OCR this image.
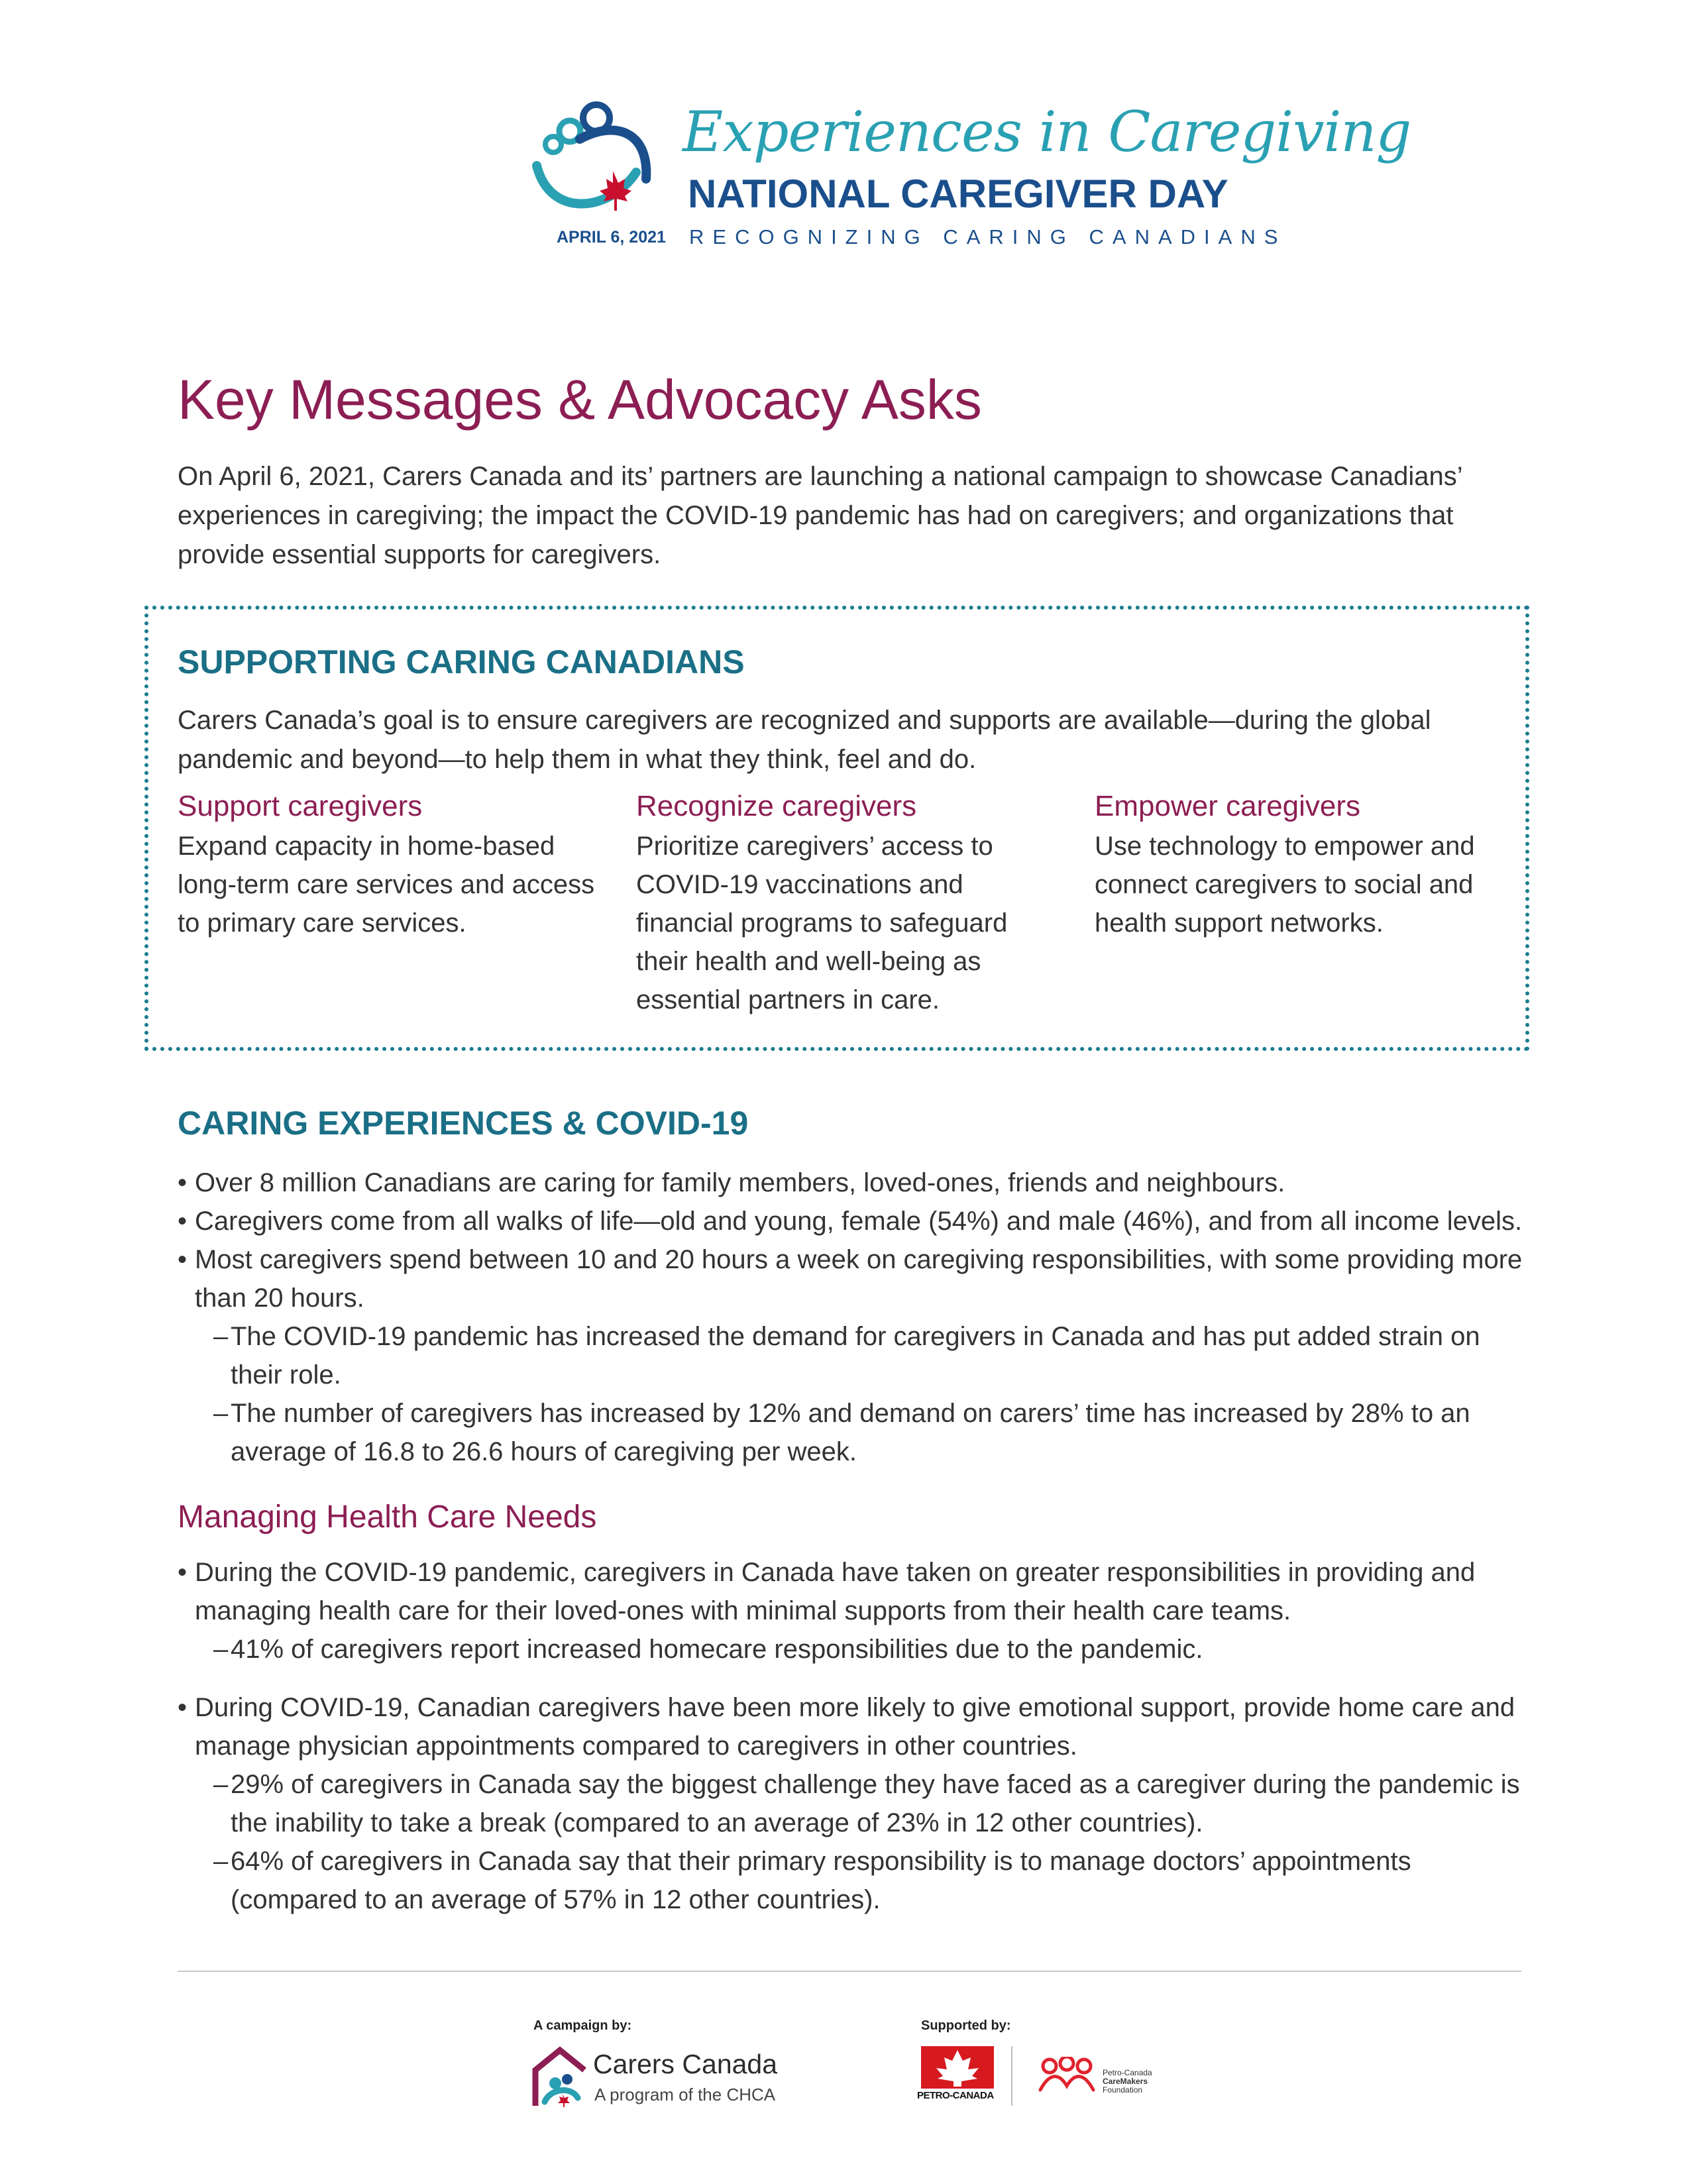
Experiences in Caregiving
NATIONAL CAREGIVER DAY
RECOGNIZING CARING CANADIANS
APRIL 6, 2021
Key Messages & Advocacy Asks

On April 6, 2021, Carers Canada and its’ partners are launching a national campaign to showcase Canadians’ experiences in caregiving; the impact the COVID-19 pandemic has had on caregivers; and organizations that provide essential supports for caregivers.

SUPPORTING CARING CANADIANS

Carers Canada’s goal is to ensure caregivers are recognized and supports are available—during the global pandemic and beyond—to help them in what they think, feel and do.

Support caregivers

Expand capacity in home-based long-term care services and access to primary care services.

Recognize caregivers

Prioritize caregivers’ access to COVID-19 vaccinations and financial programs to safeguard their health and well-being as essential partners in care.

Empower caregivers

Use technology to empower and connect caregivers to social and health support networks.

CARING EXPERIENCES & COVID-19
• Over 8 million Canadians are caring for family members, loved-ones, friends and neighbours.
• Caregivers come from all walks of life—old and young, female (54%) and male (46%), and from all income levels.
• Most caregivers spend between 10 and 20 hours a week on caregiving responsibilities, with some providing more than 20 hours.
– The COVID-19 pandemic has increased the demand for caregivers in Canada and has put added strain on their role.
– The number of caregivers has increased by 12% and demand on carers’ time has increased by 28% to an average of 16.8 to 26.6 hours of caregiving per week.
Managing Health Care Needs
• During the COVID-19 pandemic, caregivers in Canada have taken on greater responsibilities in providing and managing health care for their loved-ones with minimal supports from their health care teams.
– 41% of caregivers report increased homecare responsibilities due to the pandemic.
• During COVID-19, Canadian caregivers have been more likely to give emotional support, provide home care and manage physician appointments compared to caregivers in other countries.
– 29% of caregivers in Canada say the biggest challenge they have faced as a caregiver during the pandemic is the inability to take a break (compared to an average of 23% in 12 other countries).
– 64% of caregivers in Canada say that their primary responsibility is to manage doctors’ appointments (compared to an average of 57% in 12 other countries).
A campaign by:	Supported by:
Carers Canada
A program of the CHCA	PETRO-CANADA
Petro-Canada
CareMakers
Foundation
